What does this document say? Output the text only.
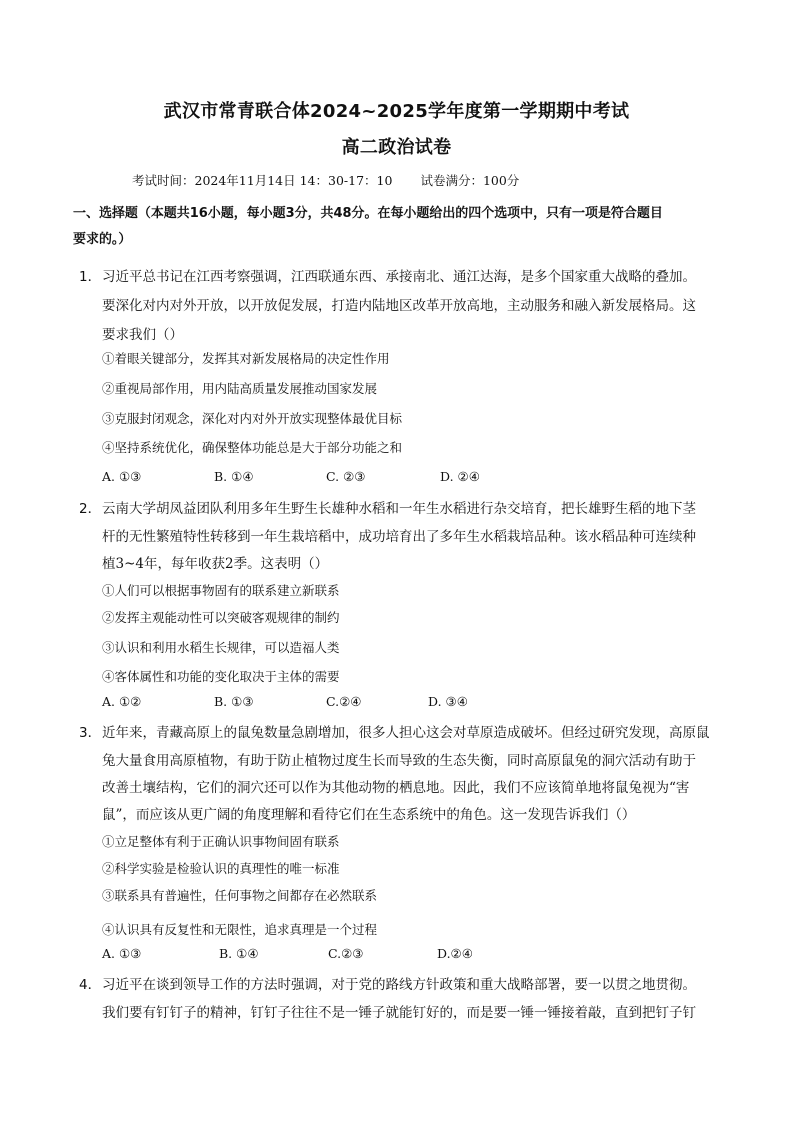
武汉市常青联合体2024~2025学年度第一学期期中考试
高二政治试卷
考试时间：2024年11月14日 14：30-17：10 试卷满分：100分
一、选择题（本题共16小题，每小题3分，共48分。在每小题给出的四个选项中，只有一项是符合题目
要求的。）
1． 习近平总书记在江西考察强调，江西联通东西、承接南北、通江达海，是多个国家重大战略的叠加。
要深化对内对外开放，以开放促发展，打造内陆地区改革开放高地，主动服务和融入新发展格局。这
要求我们（）
①着眼关键部分，发挥其对新发展格局的决定性作用
②重视局部作用，用内陆高质量发展推动国家发展
③克服封闭观念，深化对内对外开放实现整体最优目标
④坚持系统优化，确保整体功能总是大于部分功能之和
A. ①③	B. ①④	C. ②③	D. ②④
2． 云南大学胡凤益团队利用多年生野生长雄种水稻和一年生水稻进行杂交培育，把长雄野生稻的地下茎
杆的无性繁殖特性转移到一年生栽培稻中，成功培育出了多年生水稻栽培品种。该水稻品种可连续种
植3~4年，每年收获2季。这表明（）
①人们可以根据事物固有的联系建立新联系
②发挥主观能动性可以突破客观规律的制约
③认识和利用水稻生长规律，可以造福人类
④客体属性和功能的变化取决于主体的需要
A. ①②	B. ①③	C.②④	D. ③④
3． 近年来，青藏高原上的鼠兔数量急剧增加，很多人担心这会对草原造成破坏。但经过研究发现，高原鼠
兔大量食用高原植物，有助于防止植物过度生长而导致的生态失衡，同时高原鼠兔的洞穴活动有助于
改善土壤结构，它们的洞穴还可以作为其他动物的栖息地。因此，我们不应该简单地将鼠兔视为“害
鼠”，而应该从更广阔的角度理解和看待它们在生态系统中的角色。这一发现告诉我们（）
①立足整体有利于正确认识事物间固有联系
②科学实验是检验认识的真理性的唯一标准
③联系具有普遍性，任何事物之间都存在必然联系
④认识具有反复性和无限性，追求真理是一个过程
A. ①③	B. ①④	C.②③	D.②④
4． 习近平在谈到领导工作的方法时强调，对于党的路线方针政策和重大战略部署，要一以贯之地贯彻。
我们要有钉钉子的精神，钉钉子往往不是一锤子就能钉好的，而是要一锤一锤接着敲，直到把钉子钉
